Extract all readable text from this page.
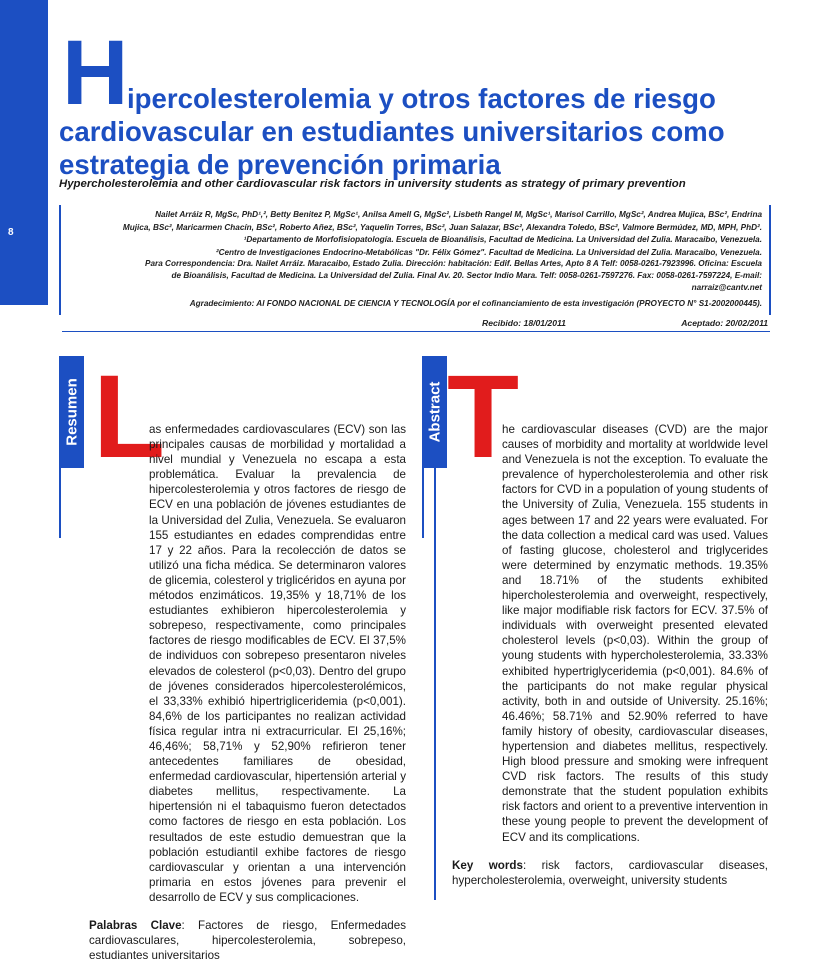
8
H
ipercolesterolemia y otros factores de riesgo
cardiovascular en estudiantes universitarios como
estrategia de prevención primaria
Hypercholesterolemia and other cardiovascular risk factors in university students as strategy of primary prevention

Nailet Arráiz R, MgSc, PhD¹,², Betty Benitez P, MgSc¹, Anilsa Amell G, MgSc², Lisbeth Rangel M, MgSc¹, Marisol Carrillo, MgSc², Andrea Mujica, BSc², Endrina

Mujica, BSc², Maricarmen Chacín, BSc², Roberto Añez, BSc², Yaquelin Torres, BSc², Juan Salazar, BSc², Alexandra Toledo, BSc², Valmore Bermúdez, MD, MPH, PhD².

¹Departamento de Morfofisiopatología. Escuela de Bioanálisis, Facultad de Medicina. La Universidad del Zulia. Maracaibo, Venezuela.

²Centro de Investigaciones Endocrino-Metabólicas "Dr. Félix Gómez". Facultad de Medicina. La Universidad del Zulia. Maracaibo, Venezuela.

Para Correspondencia: Dra. Nailet Arráiz. Maracaibo, Estado Zulia. Dirección: habitación: Edif. Bellas Artes, Apto 8 A Telf: 0058-0261-7923996. Oficina: Escuela

de Bioanálisis, Facultad de Medicina. La Universidad del Zulia. Final Av. 20. Sector Indio Mara. Telf: 0058-0261-7597276. Fax: 0058-0261-7597224, E-mail:

narraiz@cantv.net

Agradecimiento: Al FONDO NACIONAL DE CIENCIA Y TECNOLOGÍA por el cofinanciamiento de esta investigación (PROYECTO N° S1-2002000445).
Recibido: 18/01/2011	Aceptado: 20/02/2011
Resumen L

as enfermedades cardiovasculares (ECV) son las principales causas de morbilidad y mortalidad a nivel mundial y Venezuela no escapa a esta problemática. Evaluar la prevalencia de hipercolesterolemia y otros factores de riesgo de ECV en una población de jóvenes estudiantes de la Universidad del Zulia, Venezuela. Se evaluaron 155 estudiantes en edades comprendidas entre 17 y 22 años. Para la recolección de datos se utilizó una ficha médica. Se determinaron valores de glicemia, colesterol y triglicéridos en ayuna por métodos enzimáticos. 19,35% y 18,71% de los estudiantes exhibieron hipercolesterolemia y sobrepeso, respectivamente, como principales factores de riesgo modificables de ECV. El 37,5% de individuos con sobrepeso presentaron niveles elevados de colesterol (p<0,03). Dentro del grupo de jóvenes considerados hipercolesterolémicos, el 33,33% exhibió hipertrigliceridemia (p<0,001). 84,6% de los participantes no realizan actividad física regular intra ni extracurricular. El 25,16%; 46,46%; 58,71% y 52,90% refirieron tener antecedentes familiares de obesidad, enfermedad cardiovascular, hipertensión arterial y diabetes mellitus, respectivamente. La hipertensión ni el tabaquismo fueron detectados como factores de riesgo en esta población. Los resultados de este estudio demuestran que la población estudiantil exhibe factores de riesgo cardiovascular y orientan a una intervención primaria en estos jóvenes para prevenir el desarrollo de ECV y sus complicaciones.

Palabras Clave: Factores de riesgo, Enfermedades cardiovasculares, hipercolesterolemia, sobrepeso, estudiantes universitarios

Abstract T

he cardiovascular diseases (CVD) are the major causes of morbidity and mortality at worldwide level and Venezuela is not the exception. To evaluate the prevalence of hypercholesterolemia and other risk factors for CVD in a population of young students of the University of Zulia, Venezuela. 155 students in ages between 17 and 22 years were evaluated. For the data collection a medical card was used. Values of fasting glucose, cholesterol and triglycerides were determined by enzymatic methods. 19.35% and 18.71% of the students exhibited hipercholesterolemia and overweight, respectively, like major modifiable risk factors for ECV. 37.5% of individuals with overweight presented elevated cholesterol levels (p<0,03). Within the group of young students with hypercholesterolemia, 33.33% exhibited hypertriglyceridemia (p<0,001). 84.6% of the participants do not make regular physical activity, both in and outside of University. 25.16%; 46.46%; 58.71% and 52.90% referred to have family history of obesity, cardiovascular diseases, hypertension and diabetes mellitus, respectively. High blood pressure and smoking were infrequent CVD risk factors. The results of this study demonstrate that the student population exhibits risk factors and orient to a preventive intervention in these young people to prevent the development of ECV and its complications.

Key words: risk factors, cardiovascular diseases, hypercholesterolemia, overweight, university students
